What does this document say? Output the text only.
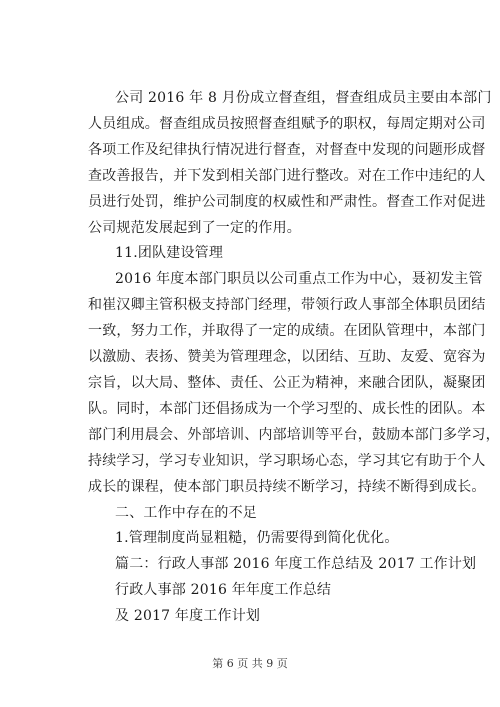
公司 2016 年 8 月份成立督查组，督查组成员主要由本部门
人员组成。督查组成员按照督查组赋予的职权，每周定期对公司
各项工作及纪律执行情况进行督查，对督查中发现的问题形成督
查改善报告，并下发到相关部门进行整改。对在工作中违纪的人
员进行处罚，维护公司制度的权威性和严肃性。督查工作对促进
公司规范发展起到了一定的作用。
11.团队建设管理
2016 年度本部门职员以公司重点工作为中心，聂初发主管
和崔汉卿主管积极支持部门经理，带领行政人事部全体职员团结
一致，努力工作，并取得了一定的成绩。在团队管理中，本部门
以激励、表扬、赞美为管理理念，以团结、互助、友爱、宽容为
宗旨，以大局、整体、责任、公正为精神，来融合团队，凝聚团
队。同时，本部门还倡扬成为一个学习型的、成长性的团队。本
部门利用晨会、外部培训、内部培训等平台，鼓励本部门多学习，
持续学习，学习专业知识，学习职场心态，学习其它有助于个人
成长的课程，使本部门职员持续不断学习，持续不断得到成长。
二、工作中存在的不足
1.管理制度尚显粗糙，仍需要得到简化优化。
篇二：行政人事部 2016 年度工作总结及 2017 工作计划
行政人事部 2016 年年度工作总结
及 2017 年度工作计划
第 6 页 共 9 页
